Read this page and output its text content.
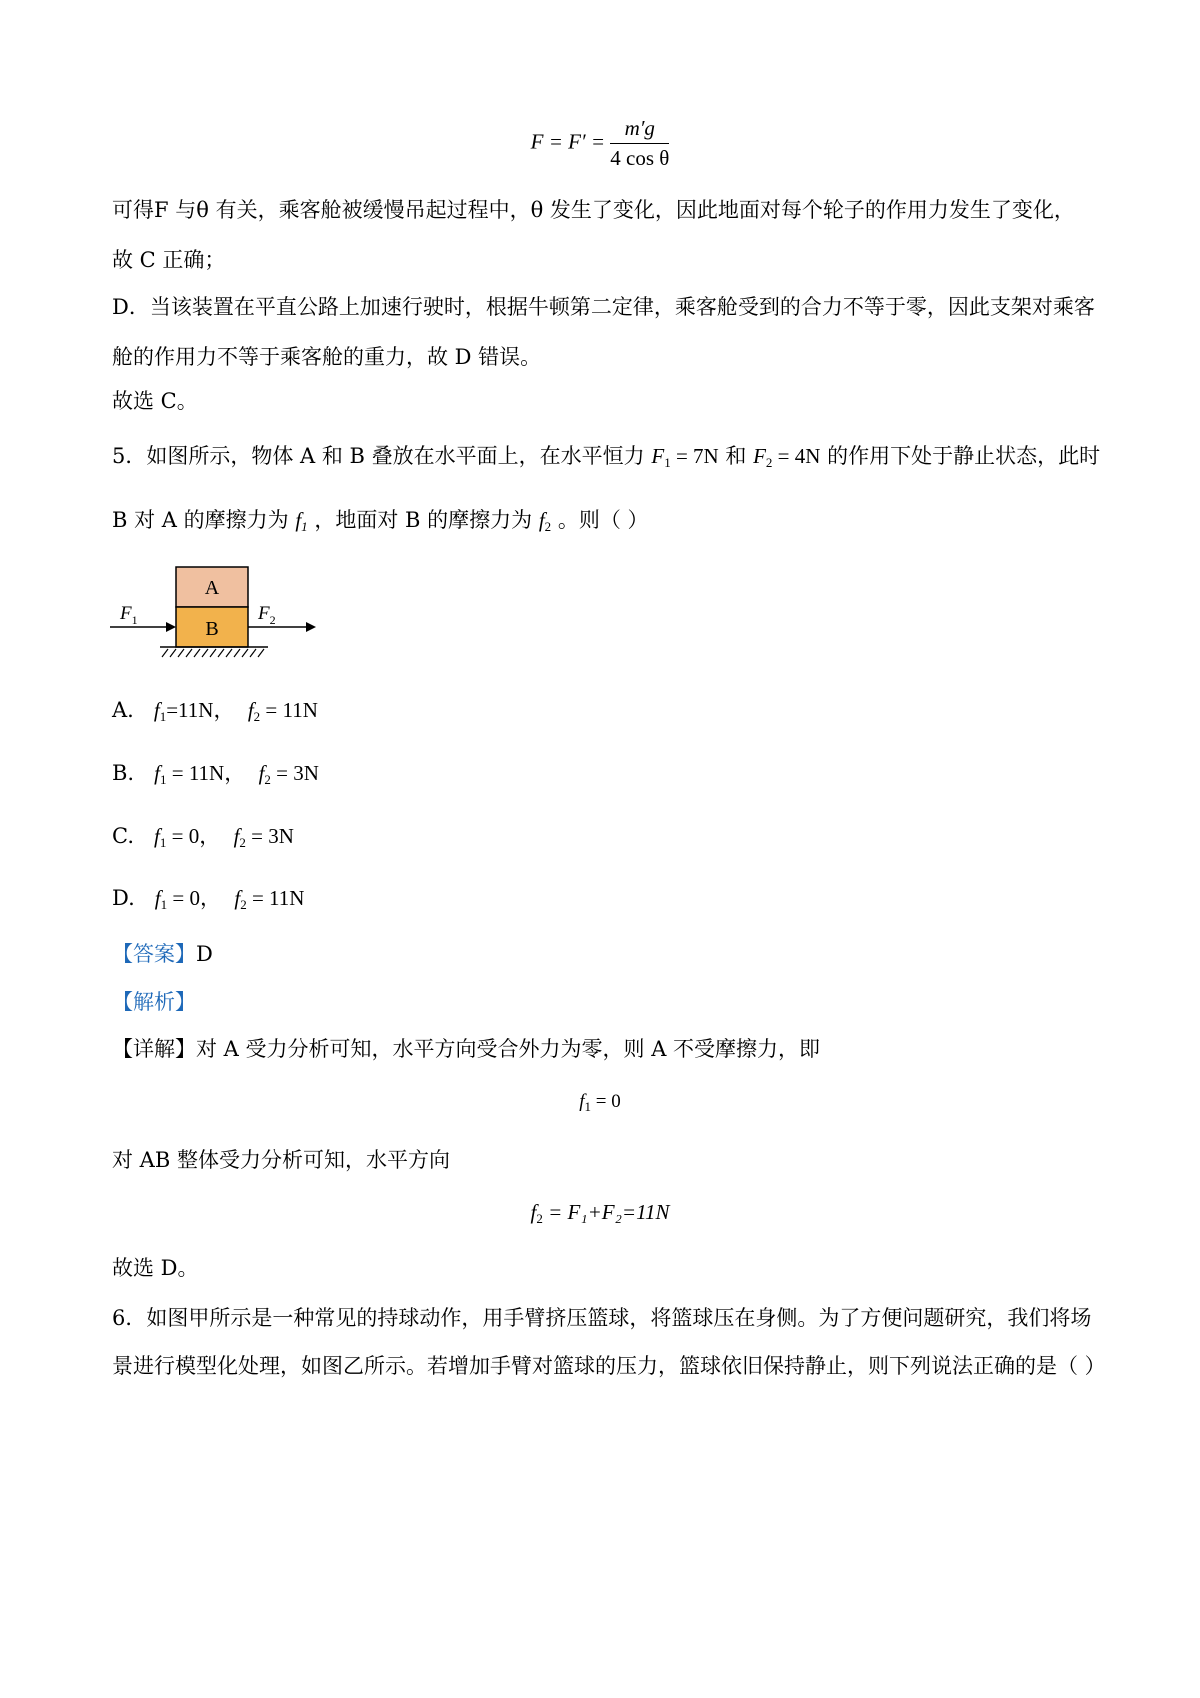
$F = F' = \frac{m'g}{\text{4 cos θ}}$
可得F 与θ 有关，乘客舱被缓慢吊起过程中，θ 发生了变化，因此地面对每个轮子的作用力发生了变化，
故 C 正确；
D．当该装置在平直公路上加速行驶时，根据牛顿第二定律，乘客舱受到的合力不等于零，因此支架对乘客
舱的作用力不等于乘客舱的重力，故 D 错误。
故选 C。
5．如图所示，物体 A 和 B 叠放在水平面上，在水平恒力 $F_1 = 7N$ 和 $F_2 = 4N$ 的作用下处于静止状态，此时
B 对 A 的摩擦力为 $f_1$ ，地面对 B 的摩擦力为 $f_2$ 。则（ ）
A
B
$F_1$	$F_2$
A. $f_1=11N$，  $f_2 = 11N$
B. $f_1 = 11N$，  $f_2 = 3N$
C. $f_1 = 0$，  $f_2 = 3N$
D. $f_1 = 0$，  $f_2 = 11N$
【答案】D
【解析】
【详解】对 A 受力分析可知，水平方向受合外力为零，则 A 不受摩擦力，即
$f_1 = 0$
对 AB 整体受力分析可知，水平方向
$f_2 = F_1+F_2=11N$
故选 D。
6．如图甲所示是一种常见的持球动作，用手臂挤压篮球，将篮球压在身侧。为了方便问题研究，我们将场
景进行模型化处理，如图乙所示。若增加手臂对篮球的压力，篮球依旧保持静止，则下列说法正确的是（ ）
